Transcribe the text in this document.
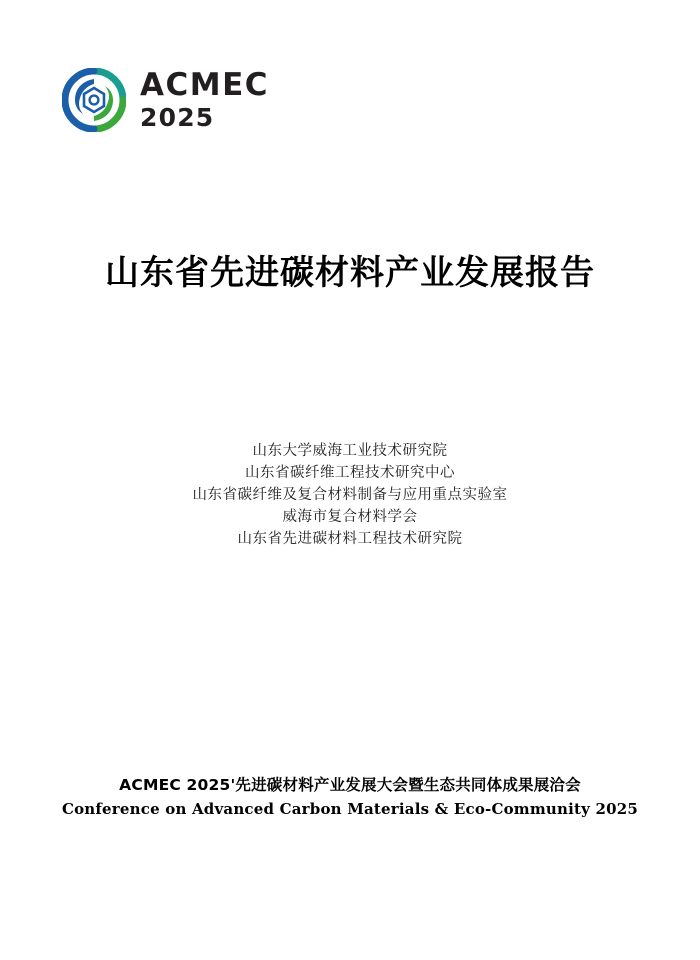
ACMEC
2025
山东省先进碳材料产业发展报告
山东大学威海工业技术研究院
山东省碳纤维工程技术研究中心
山东省碳纤维及复合材料制备与应用重点实验室
威海市复合材料学会
山东省先进碳材料工程技术研究院
ACMEC 2025'先进碳材料产业发展大会暨生态共同体成果展洽会
Conference on Advanced Carbon Materials & Eco-Community 2025
